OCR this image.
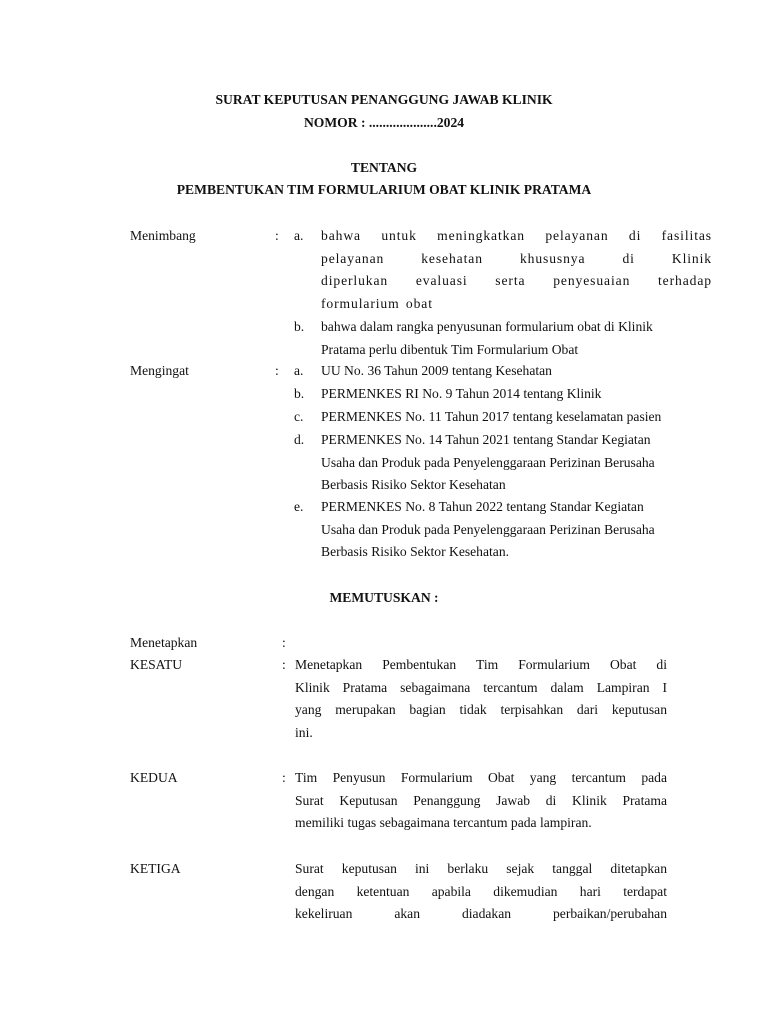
SURAT KEPUTUSAN PENANGGUNG JAWAB KLINIK
NOMOR : ....................2024
TENTANG
PEMBENTUKAN TIM FORMULARIUM OBAT KLINIK PRATAMA
Menimbang	: a. bahwa untuk meningkatkan pelayanan di fasilitas
pelayanan kesehatan khususnya di Klinik
diperlukan evaluasi serta penyesuaian terhadap
formularium obat
b. bahwa dalam rangka penyusunan formularium obat di Klinik
Pratama perlu dibentuk Tim Formularium Obat
Mengingat	: a. UU No. 36 Tahun 2009 tentang Kesehatan
b. PERMENKES RI No. 9 Tahun 2014 tentang Klinik
c. PERMENKES No. 11 Tahun 2017 tentang keselamatan pasien
d. PERMENKES No. 14 Tahun 2021 tentang Standar Kegiatan
Usaha dan Produk pada Penyelenggaraan Perizinan Berusaha
Berbasis Risiko Sektor Kesehatan
e. PERMENKES No. 8 Tahun 2022 tentang Standar Kegiatan
Usaha dan Produk pada Penyelenggaraan Perizinan Berusaha
Berbasis Risiko Sektor Kesehatan.
MEMUTUSKAN :
Menetapkan	:
KESATU	: Menetapkan Pembentukan Tim Formularium Obat di
Klinik Pratama sebagaimana tercantum dalam Lampiran I
yang merupakan bagian tidak terpisahkan dari keputusan
ini.
KEDUA	: Tim Penyusun Formularium Obat yang tercantum pada
Surat Keputusan Penanggung Jawab di Klinik Pratama
memiliki tugas sebagaimana tercantum pada lampiran.
KETIGA	Surat keputusan ini berlaku sejak tanggal ditetapkan
dengan ketentuan apabila dikemudian hari terdapat
kekeliruan akan diadakan perbaikan/perubahan
